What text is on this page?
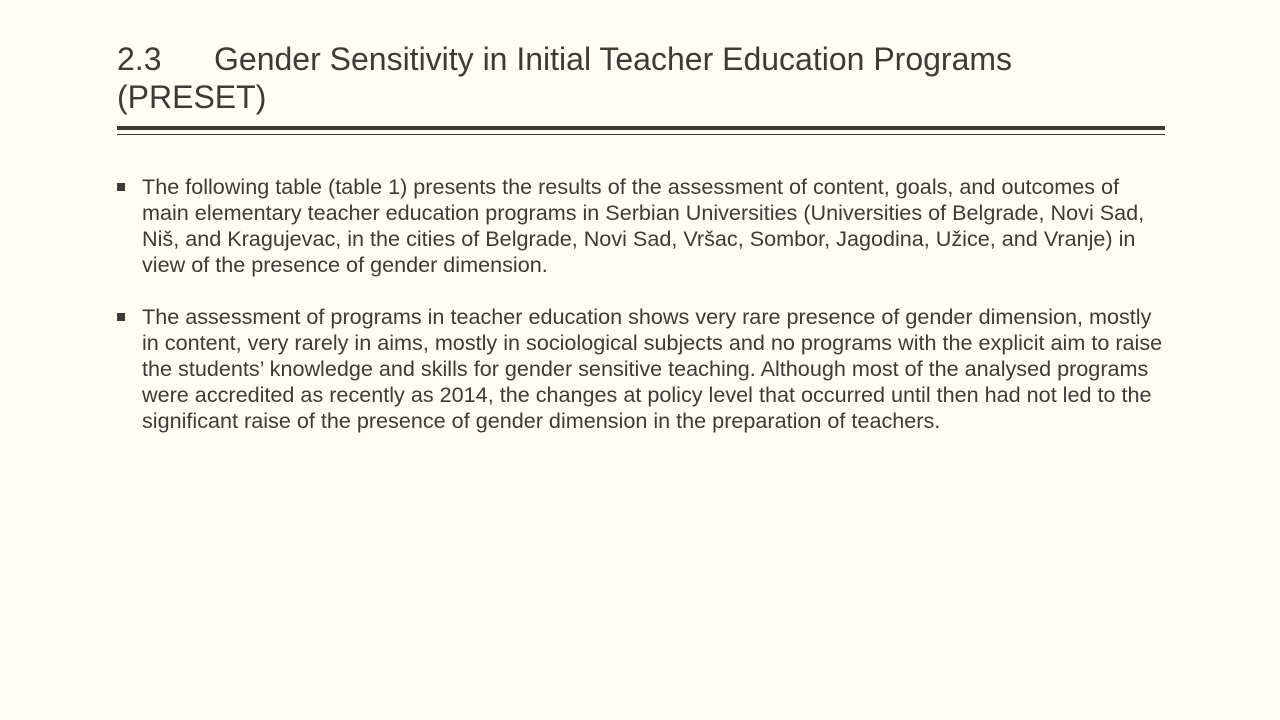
2.3 Gender Sensitivity in Initial Teacher Education Programs (PRESET)
The following table (table 1) presents the results of the assessment of content, goals, and outcomes of main elementary teacher education programs in Serbian Universities (Universities of Belgrade, Novi Sad, Niš, and Kragujevac, in the cities of Belgrade, Novi Sad, Vršac, Sombor, Jagodina, Užice, and Vranje) in view of the presence of gender dimension.
The assessment of programs in teacher education shows very rare presence of gender dimension, mostly in content, very rarely in aims, mostly in sociological subjects and no programs with the explicit aim to raise the students’ knowledge and skills for gender sensitive teaching. Although most of the analysed programs were accredited as recently as 2014, the changes at policy level that occurred until then had not led to the significant raise of the presence of gender dimension in the preparation of teachers.
